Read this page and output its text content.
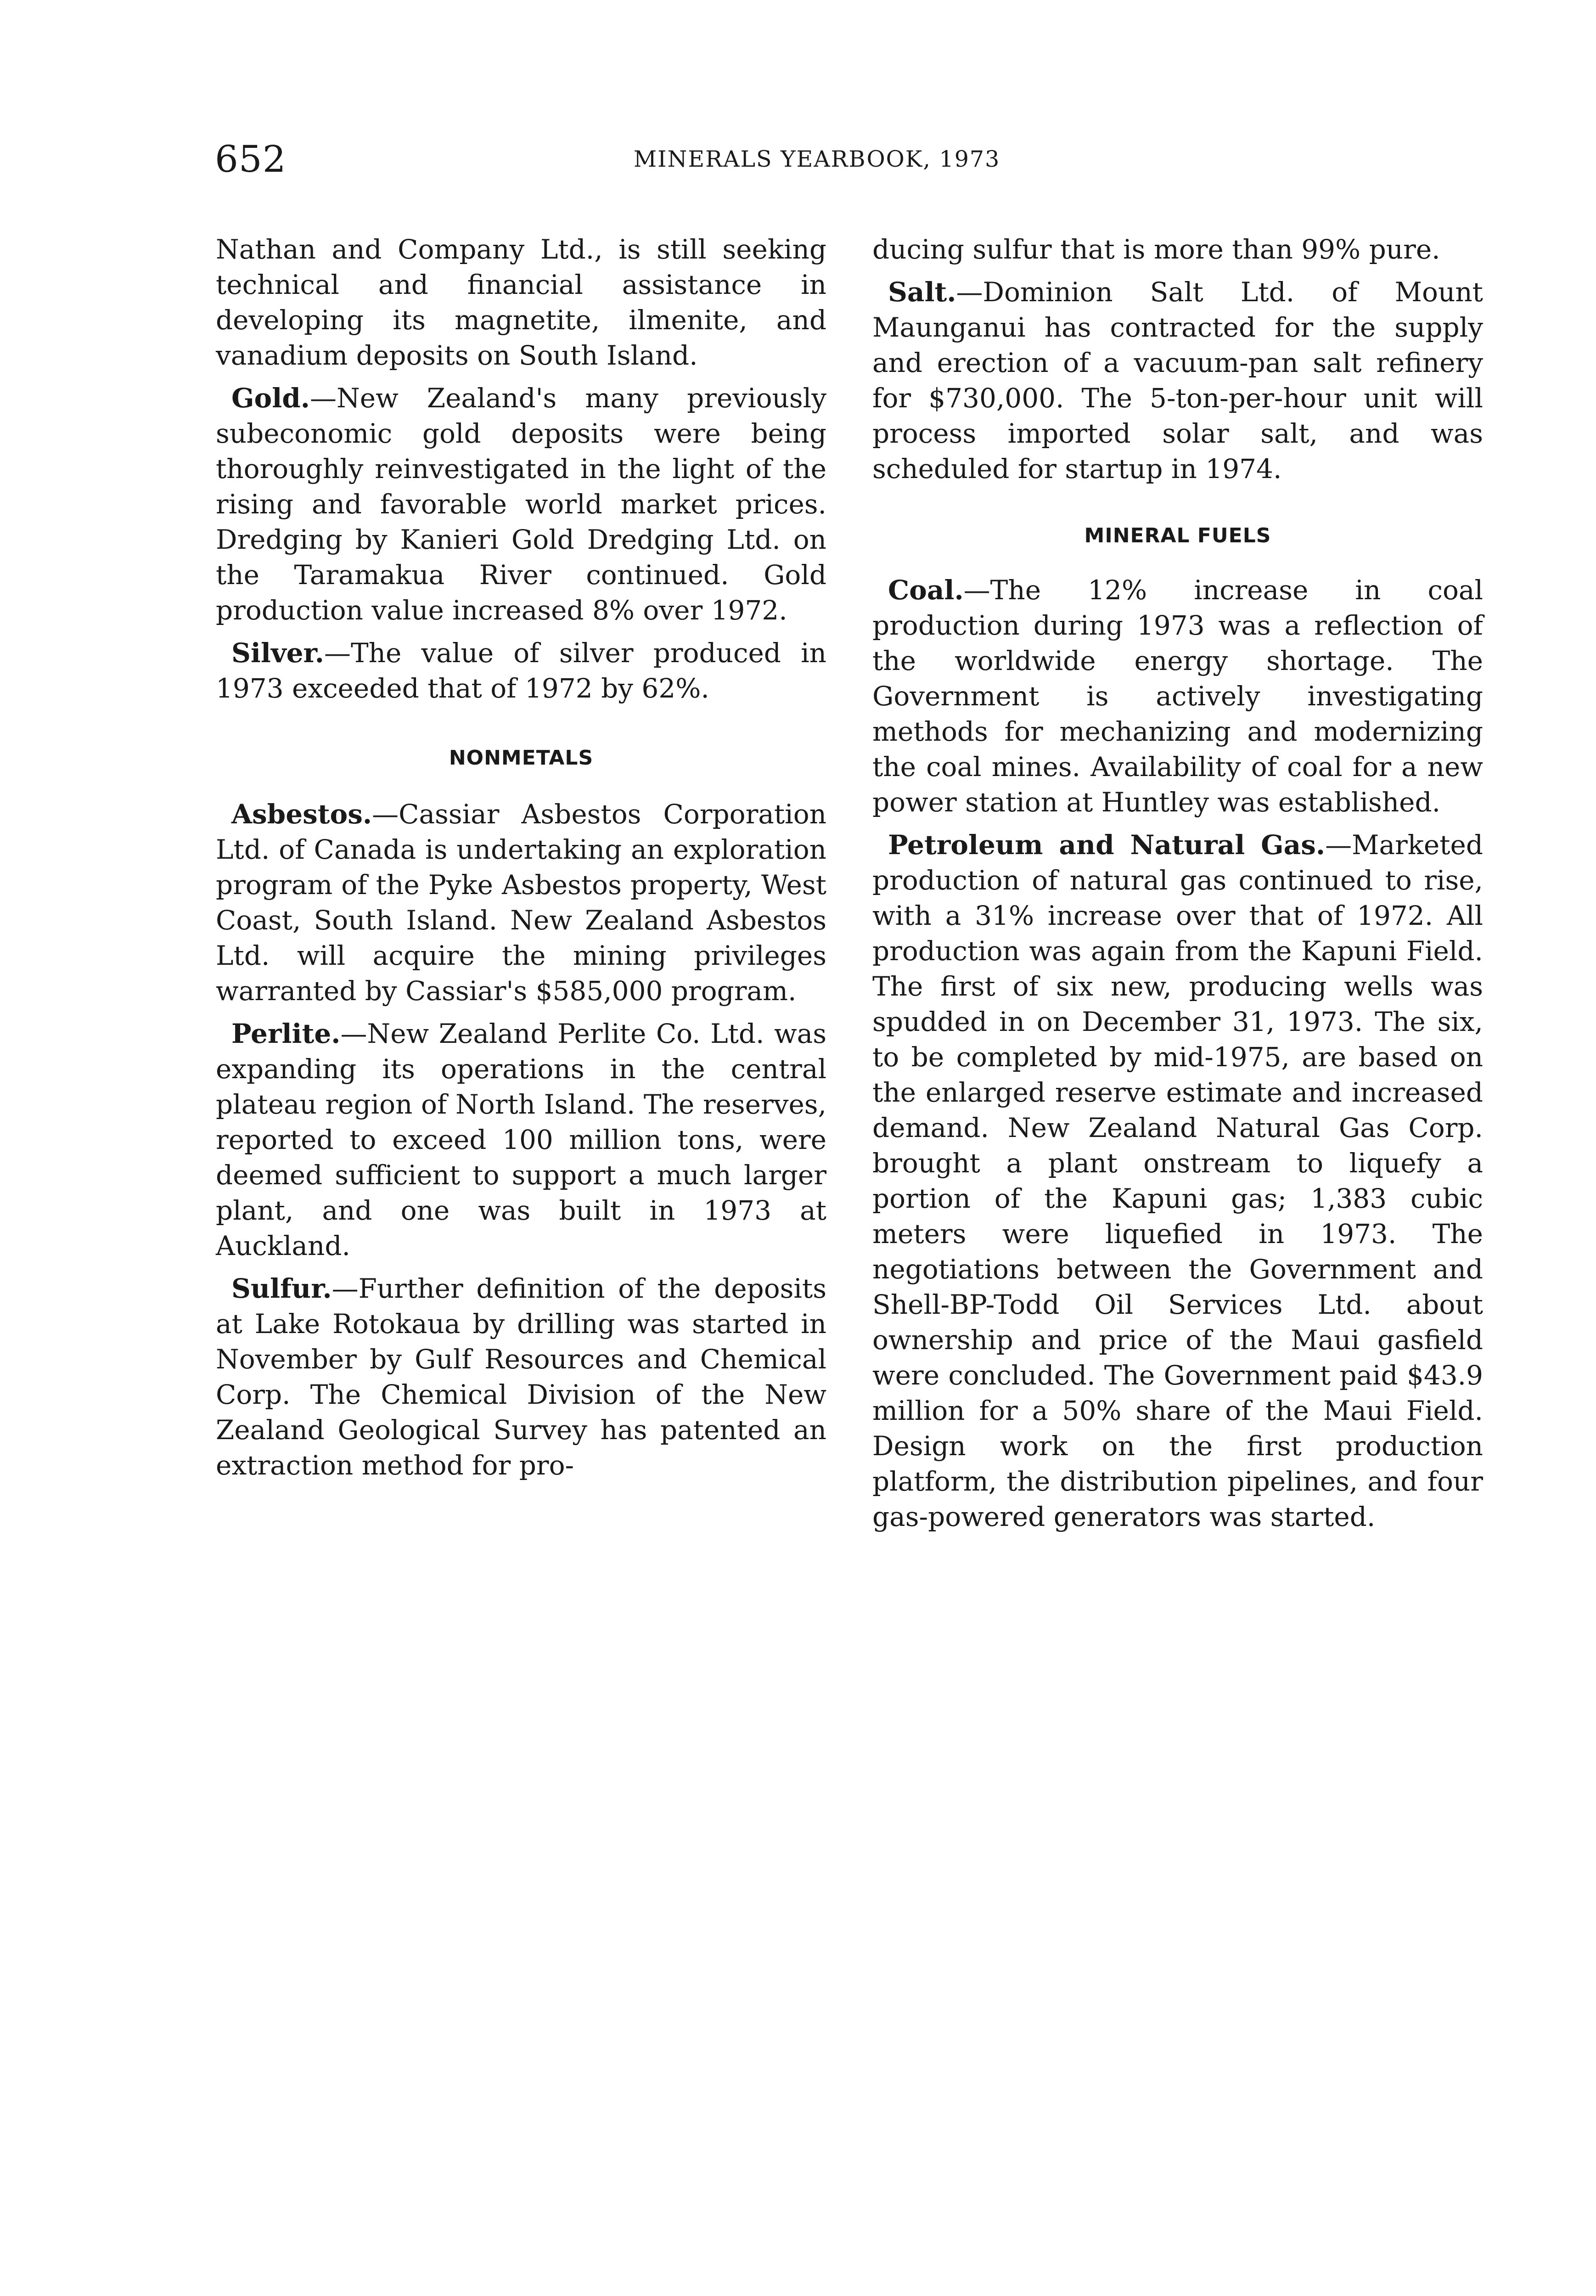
652	MINERALS YEARBOOK, 1973

Nathan and Company Ltd., is still seeking technical and financial assistance in developing its magnetite, ilmenite, and vanadium deposits on South Island.

Gold.—New Zealand's many previously subeconomic gold deposits were being thoroughly reinvestigated in the light of the rising and favorable world market prices. Dredging by Kanieri Gold Dredging Ltd. on the Taramakua River continued. Gold production value increased 8% over 1972.

Silver.—The value of silver produced in 1973 exceeded that of 1972 by 62%.

NONMETALS

Asbestos.—Cassiar Asbestos Corporation Ltd. of Canada is undertaking an exploration program of the Pyke Asbestos property, West Coast, South Island. New Zealand Asbestos Ltd. will acquire the mining privileges warranted by Cassiar's $585,000 program.

Perlite.—New Zealand Perlite Co. Ltd. was expanding its operations in the central plateau region of North Island. The reserves, reported to exceed 100 million tons, were deemed sufficient to support a much larger plant, and one was built in 1973 at Auckland.

Sulfur.—Further definition of the deposits at Lake Rotokaua by drilling was started in November by Gulf Resources and Chemical Corp. The Chemical Division of the New Zealand Geological Survey has patented an extraction method for pro-

ducing sulfur that is more than 99% pure.

Salt.—Dominion Salt Ltd. of Mount Maunganui has contracted for the supply and erection of a vacuum-pan salt refinery for $730,000. The 5-ton-per-hour unit will process imported solar salt, and was scheduled for startup in 1974.

MINERAL FUELS

Coal.—The 12% increase in coal production during 1973 was a reflection of the worldwide energy shortage. The Government is actively investigating methods for mechanizing and modernizing the coal mines. Availability of coal for a new power station at Huntley was established.

Petroleum and Natural Gas.—Marketed production of natural gas continued to rise, with a 31% increase over that of 1972. All production was again from the Kapuni Field. The first of six new, producing wells was spudded in on December 31, 1973. The six, to be completed by mid-1975, are based on the enlarged reserve estimate and increased demand. New Zealand Natural Gas Corp. brought a plant onstream to liquefy a portion of the Kapuni gas; 1,383 cubic meters were liquefied in 1973. The negotiations between the Government and Shell-BP-Todd Oil Services Ltd. about ownership and price of the Maui gasfield were concluded. The Government paid $43.9 million for a 50% share of the Maui Field. Design work on the first production platform, the distribution pipelines, and four gas-powered generators was started.
